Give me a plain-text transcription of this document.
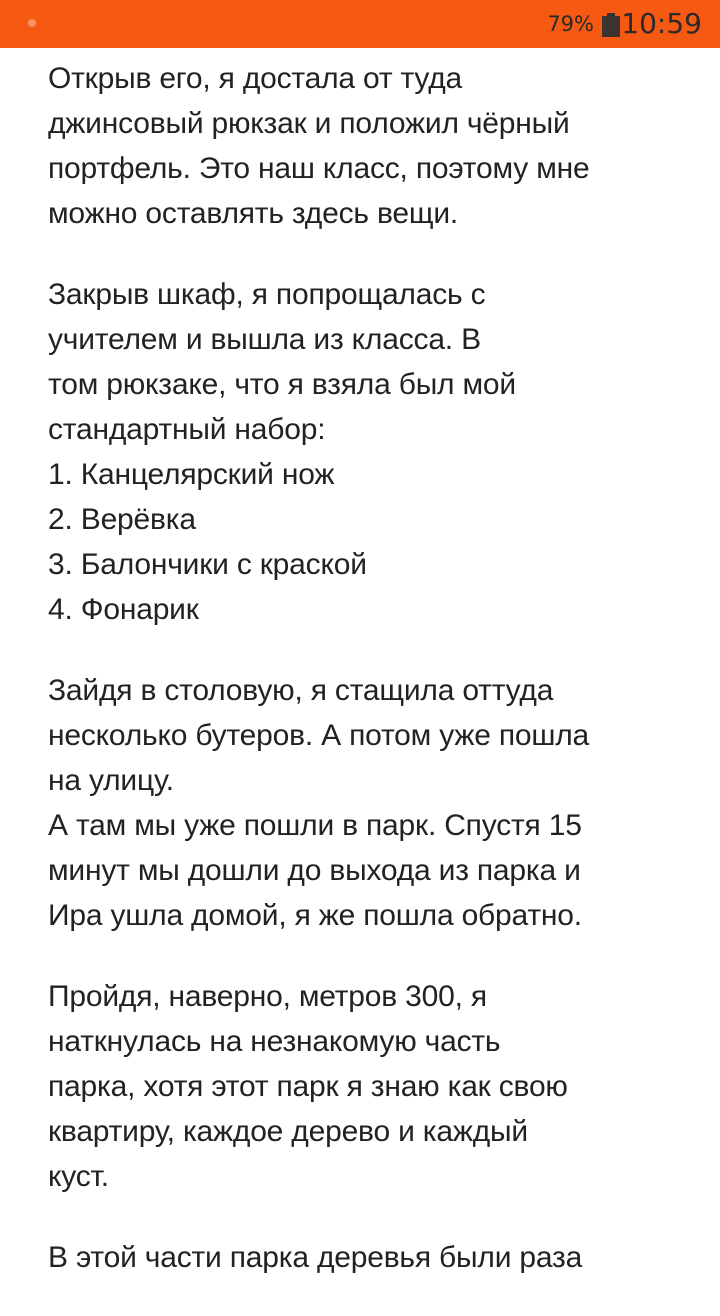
79% 10:59

Открыв его, я достала от туда
джинсовый рюкзак и положил чёрный
портфель. Это наш класс, поэтому мне
можно оставлять здесь вещи.

Закрыв шкаф, я попрощалась с
учителем и вышла из класса. В
том рюкзаке, что я взяла был мой
стандартный набор:
1. Канцелярский нож
2. Верёвка
3. Балончики с краской
4. Фонарик

Зайдя в столовую, я стащила оттуда
несколько бутеров. А потом уже пошла
на улицу.
А там мы уже пошли в парк. Спустя 15
минут мы дошли до выхода из парка и
Ира ушла домой, я же пошла обратно.

Пройдя, наверно, метров 300, я
наткнулась на незнакомую часть
парка, хотя этот парк я знаю как свою
квартиру, каждое дерево и каждый
куст.

В этой части парка деревья были раза
